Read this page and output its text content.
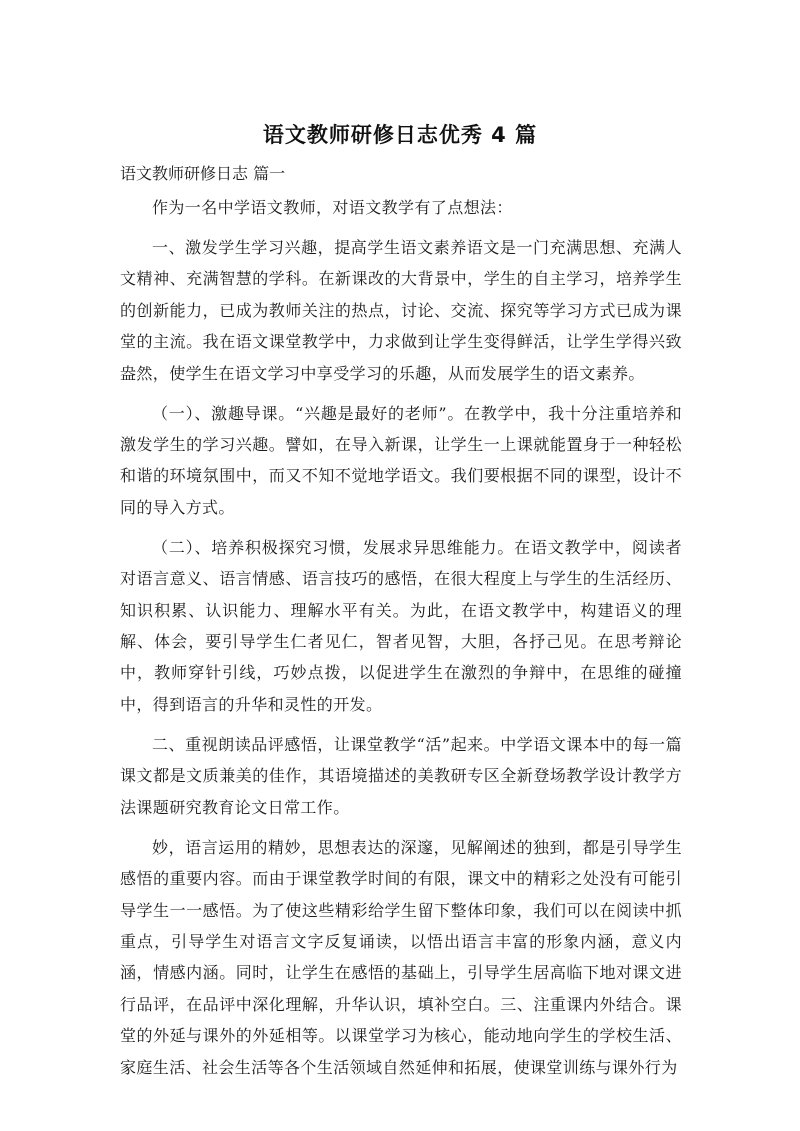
语文教师研修日志优秀 4 篇
语文教师研修日志 篇一

作为一名中学语文教师，对语文教学有了点想法：

一、激发学生学习兴趣，提高学生语文素养语文是一门充满思想、充满人文精神、充满智慧的学科。在新课改的大背景中，学生的自主学习，培养学生的创新能力，已成为教师关注的热点，讨论、交流、探究等学习方式已成为课堂的主流。我在语文课堂教学中，力求做到让学生变得鲜活，让学生学得兴致盎然，使学生在语文学习中享受学习的乐趣，从而发展学生的语文素养。

（一）、激趣导课。“兴趣是最好的老师”。在教学中，我十分注重培养和激发学生的学习兴趣。譬如，在导入新课，让学生一上课就能置身于一种轻松和谐的环境氛围中，而又不知不觉地学语文。我们要根据不同的课型，设计不同的导入方式。

（二）、培养积极探究习惯，发展求异思维能力。在语文教学中，阅读者对语言意义、语言情感、语言技巧的感悟，在很大程度上与学生的生活经历、知识积累、认识能力、理解水平有关。为此，在语文教学中，构建语义的理解、体会，要引导学生仁者见仁，智者见智，大胆，各抒己见。在思考辩论中，教师穿针引线，巧妙点拨，以促进学生在激烈的争辩中，在思维的碰撞中，得到语言的升华和灵性的开发。

二、重视朗读品评感悟，让课堂教学“活”起来。中学语文课本中的每一篇课文都是文质兼美的佳作，其语境描述的美教研专区全新登场教学设计教学方法课题研究教育论文日常工作。

妙，语言运用的精妙，思想表达的深邃，见解阐述的独到，都是引导学生感悟的重要内容。而由于课堂教学时间的有限，课文中的精彩之处没有可能引导学生一一感悟。为了使这些精彩给学生留下整体印象，我们可以在阅读中抓重点，引导学生对语言文字反复诵读，以悟出语言丰富的形象内涵，意义内涵，情感内涵。同时，让学生在感悟的基础上，引导学生居高临下地对课文进行品评，在品评中深化理解，升华认识，填补空白。三、注重课内外结合。课堂的外延与课外的外延相等。以课堂学习为核心，能动地向学生的学校生活、家庭生活、社会生活等各个生活领域自然延伸和拓展，使课堂训练与课外行为
